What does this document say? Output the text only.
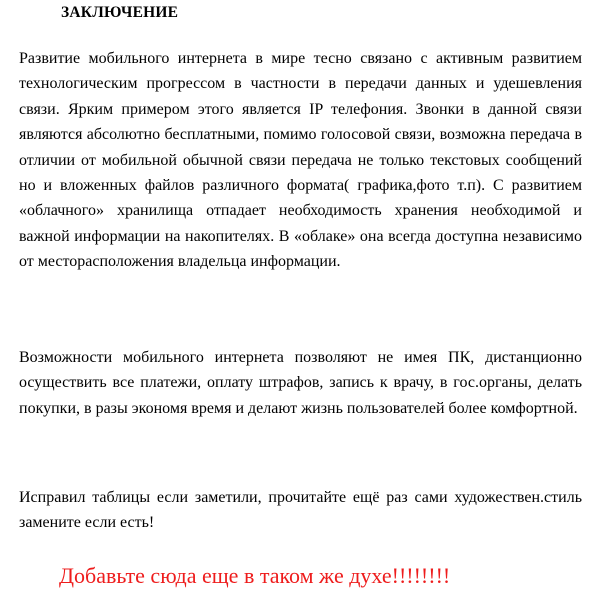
ЗАКЛЮЧЕНИЕ

Развитие мобильного интернета в мире тесно связано с активным развитием технологическим прогрессом в частности в передачи данных и удешевления связи. Ярким примером этого является IP телефония. Звонки в данной связи являются абсолютно бесплатными, помимо голосовой связи, возможна передача в отличии от мобильной обычной связи передача не только текстовых сообщений но и вложенных файлов различного формата( графика,фото т.п). С развитием «облачного» хранилища отпадает необходимость хранения необходимой и важной информации на накопителях. В «облаке» она всегда доступна независимо от месторасположения владельца информации.

Возможности мобильного интернета позволяют не имея ПК, дистанционно осуществить все платежи, оплату штрафов, запись к врачу, в гос.органы, делать покупки, в разы экономя время и делают жизнь пользователей более комфортной.

Исправил таблицы если заметили, прочитайте ещё раз сами художествен.стиль замените если есть!

Добавьте сюда еще в таком же духе!!!!!!!!
